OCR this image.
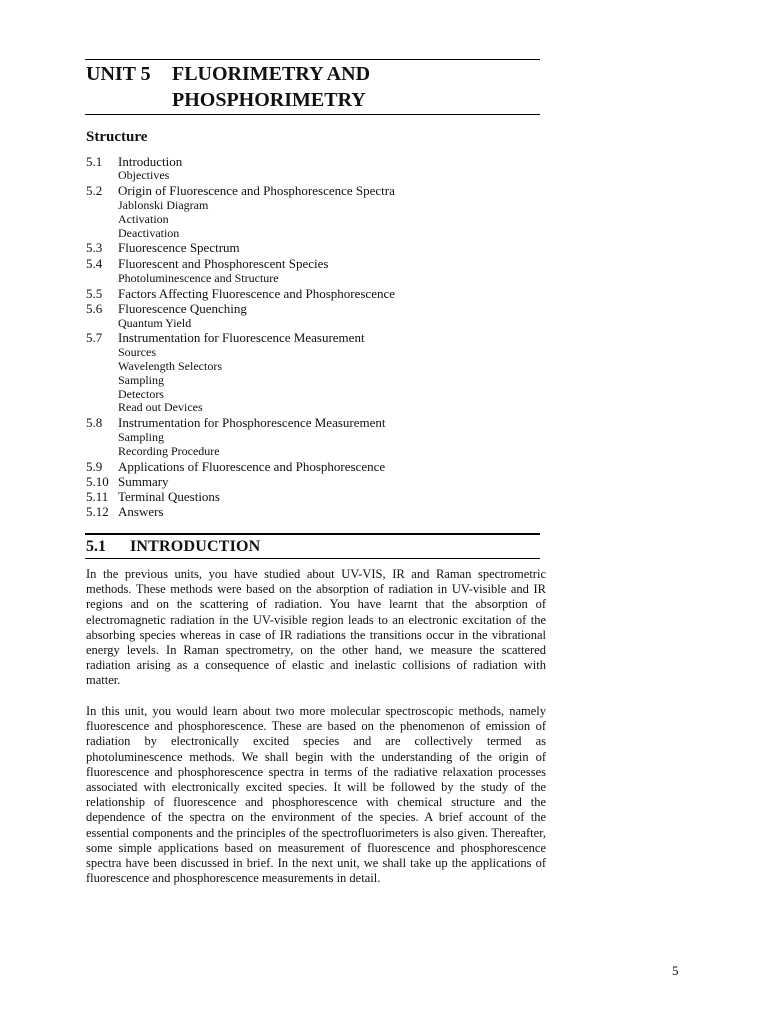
UNIT 5 FLUORIMETRY AND
PHOSPHORIMETRY
Structure
5.1 Introduction
Objectives
5.2 Origin of Fluorescence and Phosphorescence Spectra
Jablonski Diagram
Activation
Deactivation
5.3 Fluorescence Spectrum
5.4 Fluorescent and Phosphorescent Species
Photoluminescence and Structure
5.5 Factors Affecting Fluorescence and Phosphorescence
5.6 Fluorescence Quenching
Quantum Yield
5.7 Instrumentation for Fluorescence Measurement
Sources
Wavelength Selectors
Sampling
Detectors
Read out Devices
5.8 Instrumentation for Phosphorescence Measurement
Sampling
Recording Procedure
5.9 Applications of Fluorescence and Phosphorescence
5.10 Summary
5.11 Terminal Questions
5.12 Answers
5.1 INTRODUCTION

In the previous units, you have studied about UV-VIS, IR and Raman spectrometric methods. These methods were based on the absorption of radiation in UV-visible and IR regions and on the scattering of radiation. You have learnt that the absorption of electromagnetic radiation in the UV-visible region leads to an electronic excitation of the absorbing species whereas in case of IR radiations the transitions occur in the vibrational energy levels. In Raman spectrometry, on the other hand, we measure the scattered radiation arising as a consequence of elastic and inelastic collisions of radiation with matter.

In this unit, you would learn about two more molecular spectroscopic methods, namely fluorescence and phosphorescence. These are based on the phenomenon of emission of radiation by electronically excited species and are collectively termed as photoluminescence methods. We shall begin with the understanding of the origin of fluorescence and phosphorescence spectra in terms of the radiative relaxation processes associated with electronically excited species. It will be followed by the study of the relationship of fluorescence and phosphorescence with chemical structure and the dependence of the spectra on the environment of the species. A brief account of the essential components and the principles of the spectrofluorimeters is also given. Thereafter, some simple applications based on measurement of fluorescence and phosphorescence spectra have been discussed in brief. In the next unit, we shall take up the applications of fluorescence and phosphorescence measurements in detail.

5
